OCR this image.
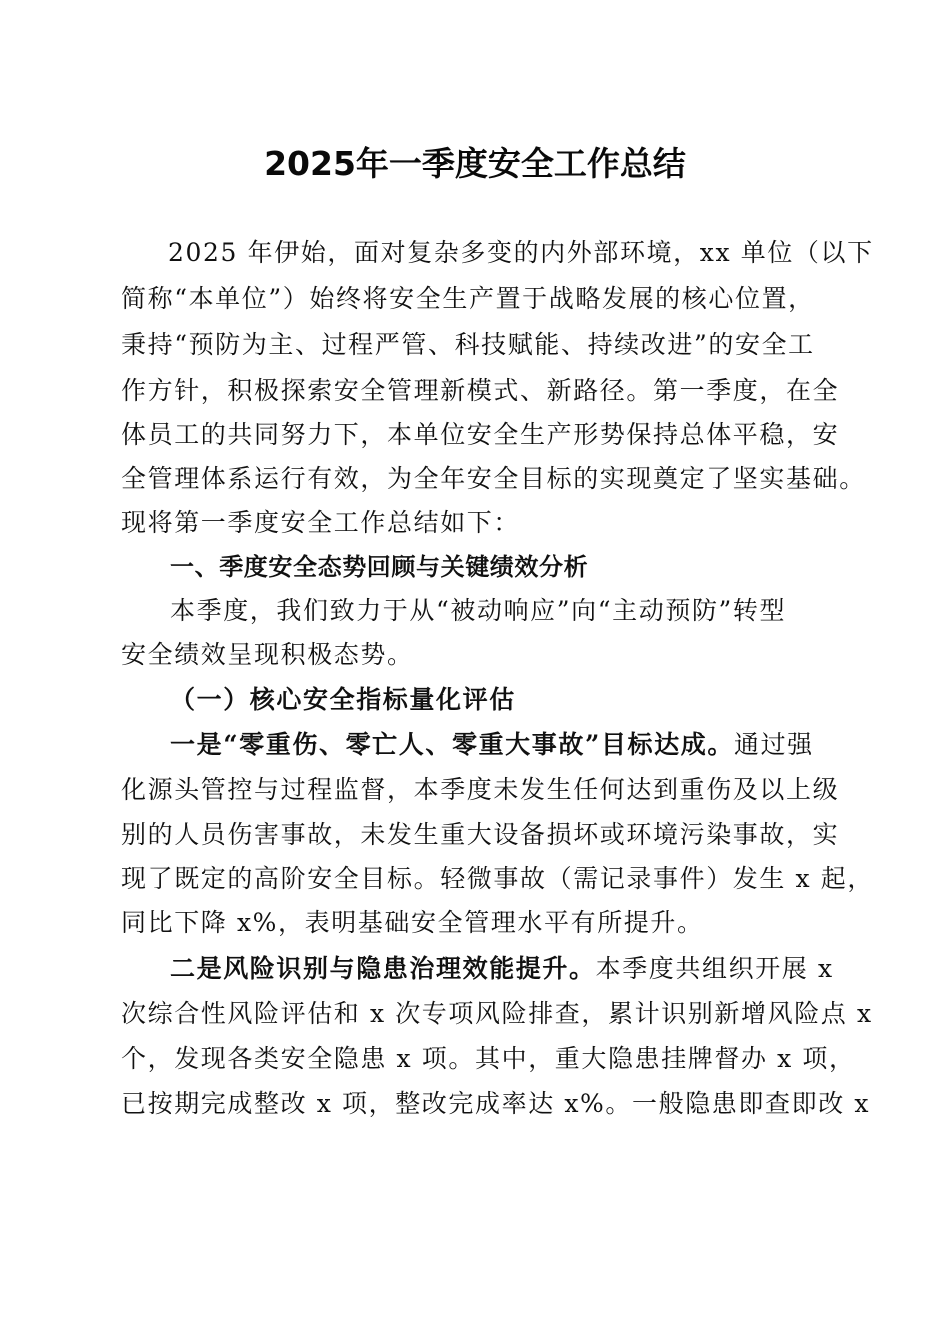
2025年一季度安全工作总结
2025 年伊始，面对复杂多变的内外部环境，xx 单位（以下
简称“本单位”）始终将安全生产置于战略发展的核心位置，
秉持“预防为主、过程严管、科技赋能、持续改进”的安全工
作方针，积极探索安全管理新模式、新路径。第一季度，在全
体员工的共同努力下，本单位安全生产形势保持总体平稳，安
全管理体系运行有效，为全年安全目标的实现奠定了坚实基础。
现将第一季度安全工作总结如下：
一、季度安全态势回顾与关键绩效分析
本季度，我们致力于从“被动响应”向“主动预防”转型
安全绩效呈现积极态势。
（一）核心安全指标量化评估
一是“零重伤、零亡人、零重大事故”目标达成。通过强
化源头管控与过程监督，本季度未发生任何达到重伤及以上级
别的人员伤害事故，未发生重大设备损坏或环境污染事故，实
现了既定的高阶安全目标。轻微事故（需记录事件）发生 x 起，
同比下降 x%，表明基础安全管理水平有所提升。
二是风险识别与隐患治理效能提升。本季度共组织开展 x
次综合性风险评估和 x 次专项风险排查，累计识别新增风险点 x
个，发现各类安全隐患 x 项。其中，重大隐患挂牌督办 x 项，
已按期完成整改 x 项，整改完成率达 x%。一般隐患即查即改 x
